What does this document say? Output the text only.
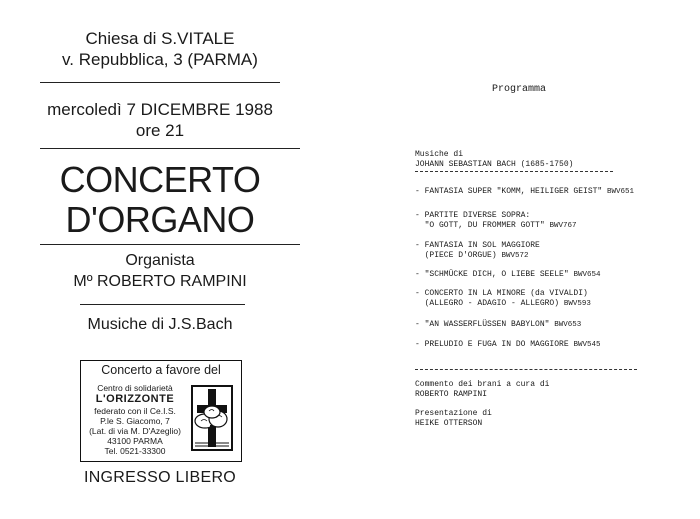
Chiesa di S.VITALE
v. Repubblica, 3 (PARMA)
mercoledì 7 DICEMBRE 1988
ore 21
CONCERTO
D'ORGANO
Organista
Mº ROBERTO RAMPINI
Musiche di J.S.Bach
Concerto a favore del
Centro di solidarietà
L'ORIZZONTE
federato con il Ce.I.S.
P.le S. Giacomo, 7
(Lat. di via M. D'Azeglio)
43100 PARMA
Tel. 0521-33300
INGRESSO LIBERO
Programma
Musiche di
JOHANN SEBASTIAN BACH (1685-1750)
- FANTASIA SUPER "KOMM, HEILIGER GEIST" BWV651
- PARTITE DIVERSE SOPRA:
"O GOTT, DU FROMMER GOTT" BWV767
- FANTASIA IN SOL MAGGIORE
(PIECE D'ORGUE) BWV572
- "SCHMÜCKE DICH, O LIEBE SEELE" BWV654
- CONCERTO IN LA MINORE (da VIVALDI)
(ALLEGRO - ADAGIO - ALLEGRO) BWV593
- "AN WASSERFLÜSSEN BABYLON" BWV653
- PRELUDIO E FUGA IN DO MAGGIORE BWV545
Commento dei brani a cura di
ROBERTO RAMPINI
Presentazione di
HEIKE OTTERSON
